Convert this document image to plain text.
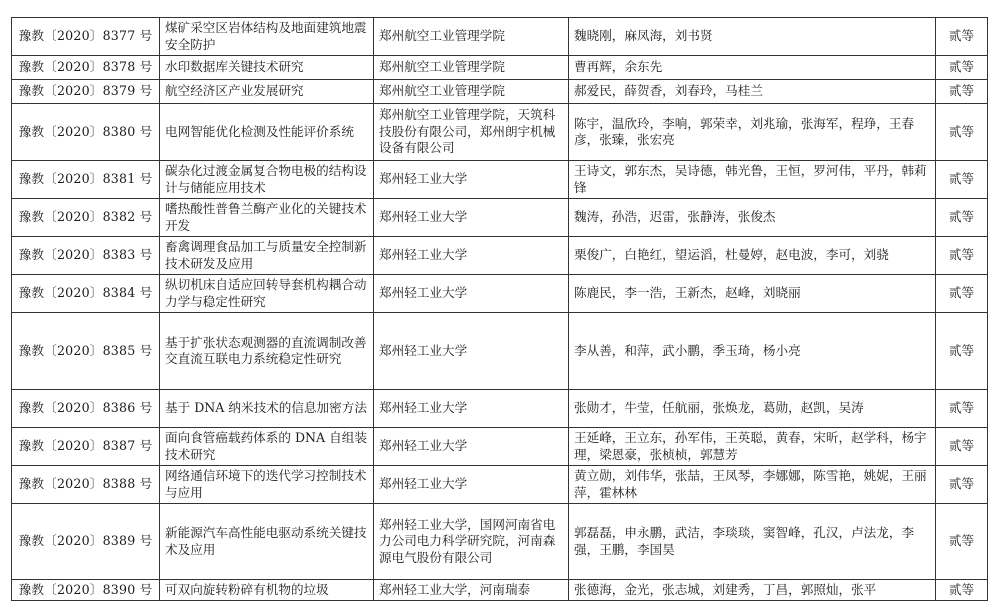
豫教〔2020〕8377 号	煤矿采空区岩体结构及地面建筑地震安全防护	郑州航空工业管理学院	魏晓刚，麻凤海，刘书贤	贰等
豫教〔2020〕8378 号	水印数据库关键技术研究	郑州航空工业管理学院	曹再辉，余东先	贰等
豫教〔2020〕8379 号	航空经济区产业发展研究	郑州航空工业管理学院	郝爱民，薛贺香，刘春玲，马桂兰	贰等
豫教〔2020〕8380 号	电网智能优化检测及性能评价系统	郑州航空工业管理学院，天筑科技股份有限公司，郑州朗宇机械设备有限公司	陈宇，温欣玲，李响，郭荣幸，刘兆瑜，张海军，程琤，王春彦，张臻，张宏亮	贰等
豫教〔2020〕8381 号	碳杂化过渡金属复合物电极的结构设计与储能应用技术	郑州轻工业大学	王诗文，郭东杰，吴诗德，韩光鲁，王恒，罗河伟，平丹，韩莉锋	贰等
豫教〔2020〕8382 号	嗜热酸性普鲁兰酶产业化的关键技术开发	郑州轻工业大学	魏涛，孙浩，迟雷，张静涛，张俊杰	贰等
豫教〔2020〕8383 号	畜禽调理食品加工与质量安全控制新技术研发及应用	郑州轻工业大学	栗俊广，白艳红，望运滔，杜曼婷，赵电波，李可，刘骁	贰等
豫教〔2020〕8384 号	纵切机床自适应回转导套机构耦合动力学与稳定性研究	郑州轻工业大学	陈鹿民，李一浩，王新杰，赵峰，刘晓丽	贰等
豫教〔2020〕8385 号	基于扩张状态观测器的直流调制改善交直流互联电力系统稳定性研究	郑州轻工业大学	李从善，和萍，武小鹏，季玉琦，杨小亮	贰等
豫教〔2020〕8386 号	基于 DNA 纳米技术的信息加密方法	郑州轻工业大学	张勋才，牛莹，任航丽，张焕龙，葛勋，赵凯，吴涛	贰等
豫教〔2020〕8387 号	面向食管癌载药体系的 DNA 自组装技术研究	郑州轻工业大学	王延峰，王立东，孙军伟，王英聪，黄春，宋昕，赵学科，杨宇理，梁恩豪，张桢桢，郭慧芳	贰等
豫教〔2020〕8388 号	网络通信环境下的迭代学习控制技术与应用	郑州轻工业大学	黄立勋，刘伟华，张喆，王凤琴，李娜娜，陈雪艳，姚妮，王丽萍，霍林林	贰等
豫教〔2020〕8389 号	新能源汽车高性能电驱动系统关键技术及应用	郑州轻工业大学，国网河南省电力公司电力科学研究院，河南森源电气股份有限公司	郭磊磊，申永鹏，武洁，李琰琰，窦智峰，孔汉，卢法龙，李强，王鹏，李国昊	贰等
豫教〔2020〕8390 号	可双向旋转粉碎有机物的垃圾	郑州轻工业大学，河南瑞泰	张德海，金光，张志城，刘建秀，丁昌，郭照灿，张平	贰等
